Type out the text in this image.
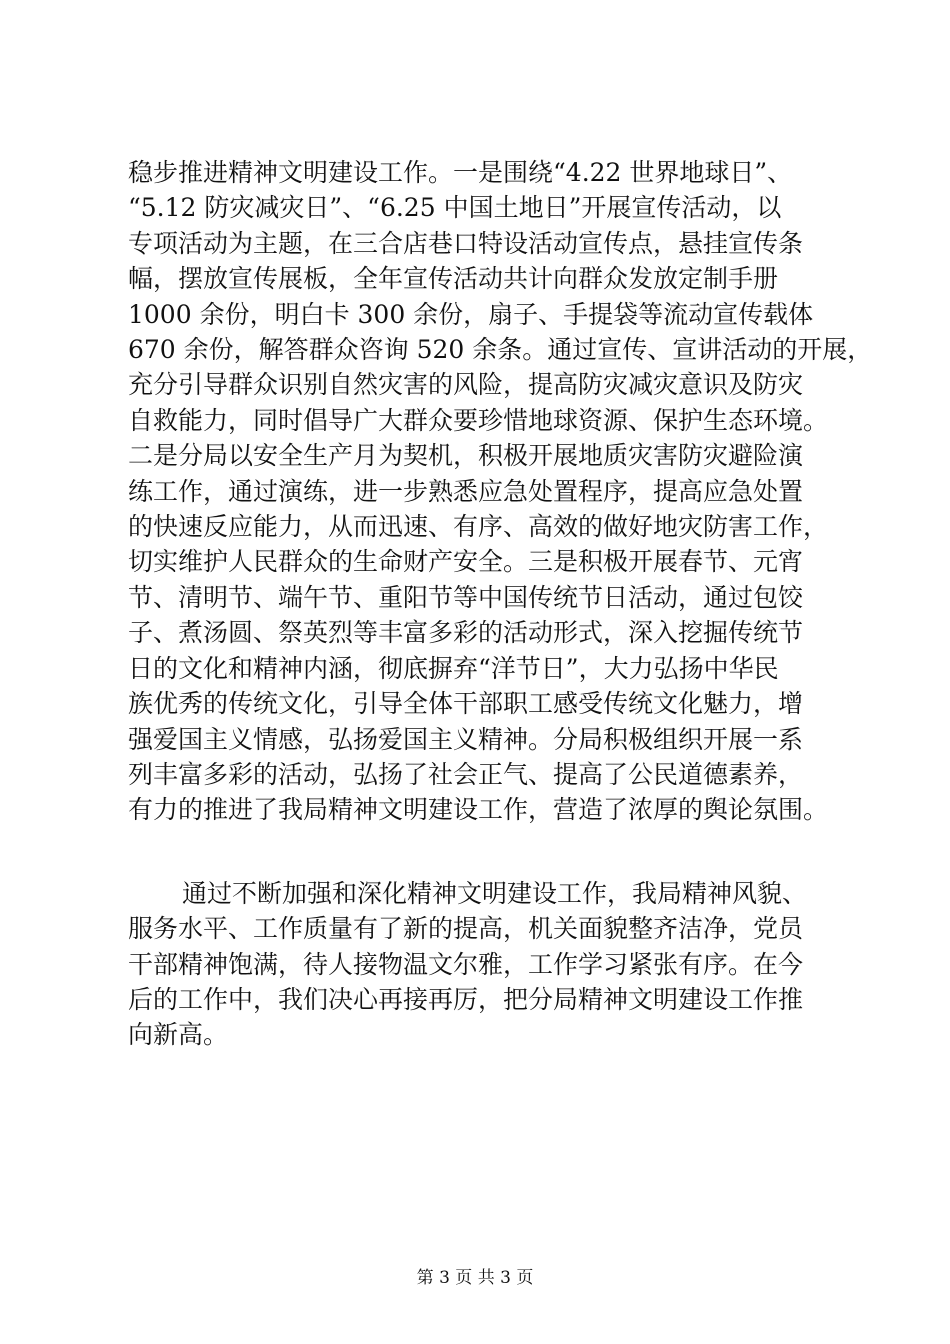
稳步推进精神文明建设工作。一是围绕“4.22 世界地球日”、
“5.12 防灾减灾日”、“6.25 中国土地日”开展宣传活动，以
专项活动为主题，在三合店巷口特设活动宣传点，悬挂宣传条
幅，摆放宣传展板，全年宣传活动共计向群众发放定制手册
1000 余份，明白卡 300 余份，扇子、手提袋等流动宣传载体
670 余份，解答群众咨询 520 余条。通过宣传、宣讲活动的开展，
充分引导群众识别自然灾害的风险，提高防灾减灾意识及防灾
自救能力，同时倡导广大群众要珍惜地球资源、保护生态环境。
二是分局以安全生产月为契机，积极开展地质灾害防灾避险演
练工作，通过演练，进一步熟悉应急处置程序，提高应急处置
的快速反应能力，从而迅速、有序、高效的做好地灾防害工作，
切实维护人民群众的生命财产安全。三是积极开展春节、元宵
节、清明节、端午节、重阳节等中国传统节日活动，通过包饺
子、煮汤圆、祭英烈等丰富多彩的活动形式，深入挖掘传统节
日的文化和精神内涵，彻底摒弃“洋节日”，大力弘扬中华民
族优秀的传统文化，引导全体干部职工感受传统文化魅力，增
强爱国主义情感，弘扬爱国主义精神。分局积极组织开展一系
列丰富多彩的活动，弘扬了社会正气、提高了公民道德素养，
有力的推进了我局精神文明建设工作，营造了浓厚的舆论氛围。
通过不断加强和深化精神文明建设工作，我局精神风貌、
服务水平、工作质量有了新的提高，机关面貌整齐洁净，党员
干部精神饱满，待人接物温文尔雅，工作学习紧张有序。在今
后的工作中，我们决心再接再厉，把分局精神文明建设工作推
向新高。
第 3 页 共 3 页
